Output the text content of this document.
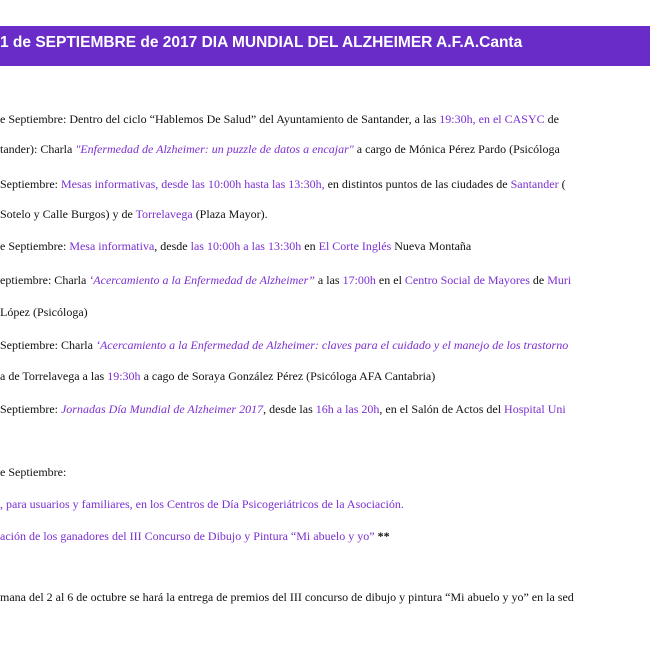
1 de SEPTIEMBRE de 2017 DIA MUNDIAL DEL ALZHEIMER A.F.A.Canta
e Septiembre: Dentro del ciclo “Hablemos De Salud” del Ayuntamiento de Santander, a las 19:30h, en el CASYC de
tander): Charla "Enfermedad de Alzheimer: un puzzle de datos a encajar" a cargo de Mónica Pérez Pardo (Psicóloga
Septiembre: Mesas informativas, desde las 10:00h hasta las 13:30h, en distintos puntos de las ciudades de Santander (
Sotelo y Calle Burgos) y de Torrelavega (Plaza Mayor).
e Septiembre: Mesa informativa, desde las 10:00h a las 13:30h en El Corte Inglés Nueva Montaña
eptiembre: Charla ‘Acercamiento a la Enfermedad de Alzheimer” a las 17:00h en el Centro Social de Mayores de Muri
López (Psicóloga)
Septiembre: Charla ‘Acercamiento a la Enfermedad de Alzheimer: claves para el cuidado y el manejo de los trastorno
a de Torrelavega a las 19:30h a cago de Soraya González Pérez (Psicóloga AFA Cantabria)
Septiembre: Jornadas Día Mundial de Alzheimer 2017, desde las 16h a las 20h, en el Salón de Actos del Hospital Uni
e Septiembre:
, para usuarios y familiares, en los Centros de Día Psicogeriátricos de la Asociación.
ación de los ganadores del III Concurso de Dibujo y Pintura “Mi abuelo y yo” **
mana del 2 al 6 de octubre se hará la entrega de premios del III concurso de dibujo y pintura “Mi abuelo y yo” en la sed
